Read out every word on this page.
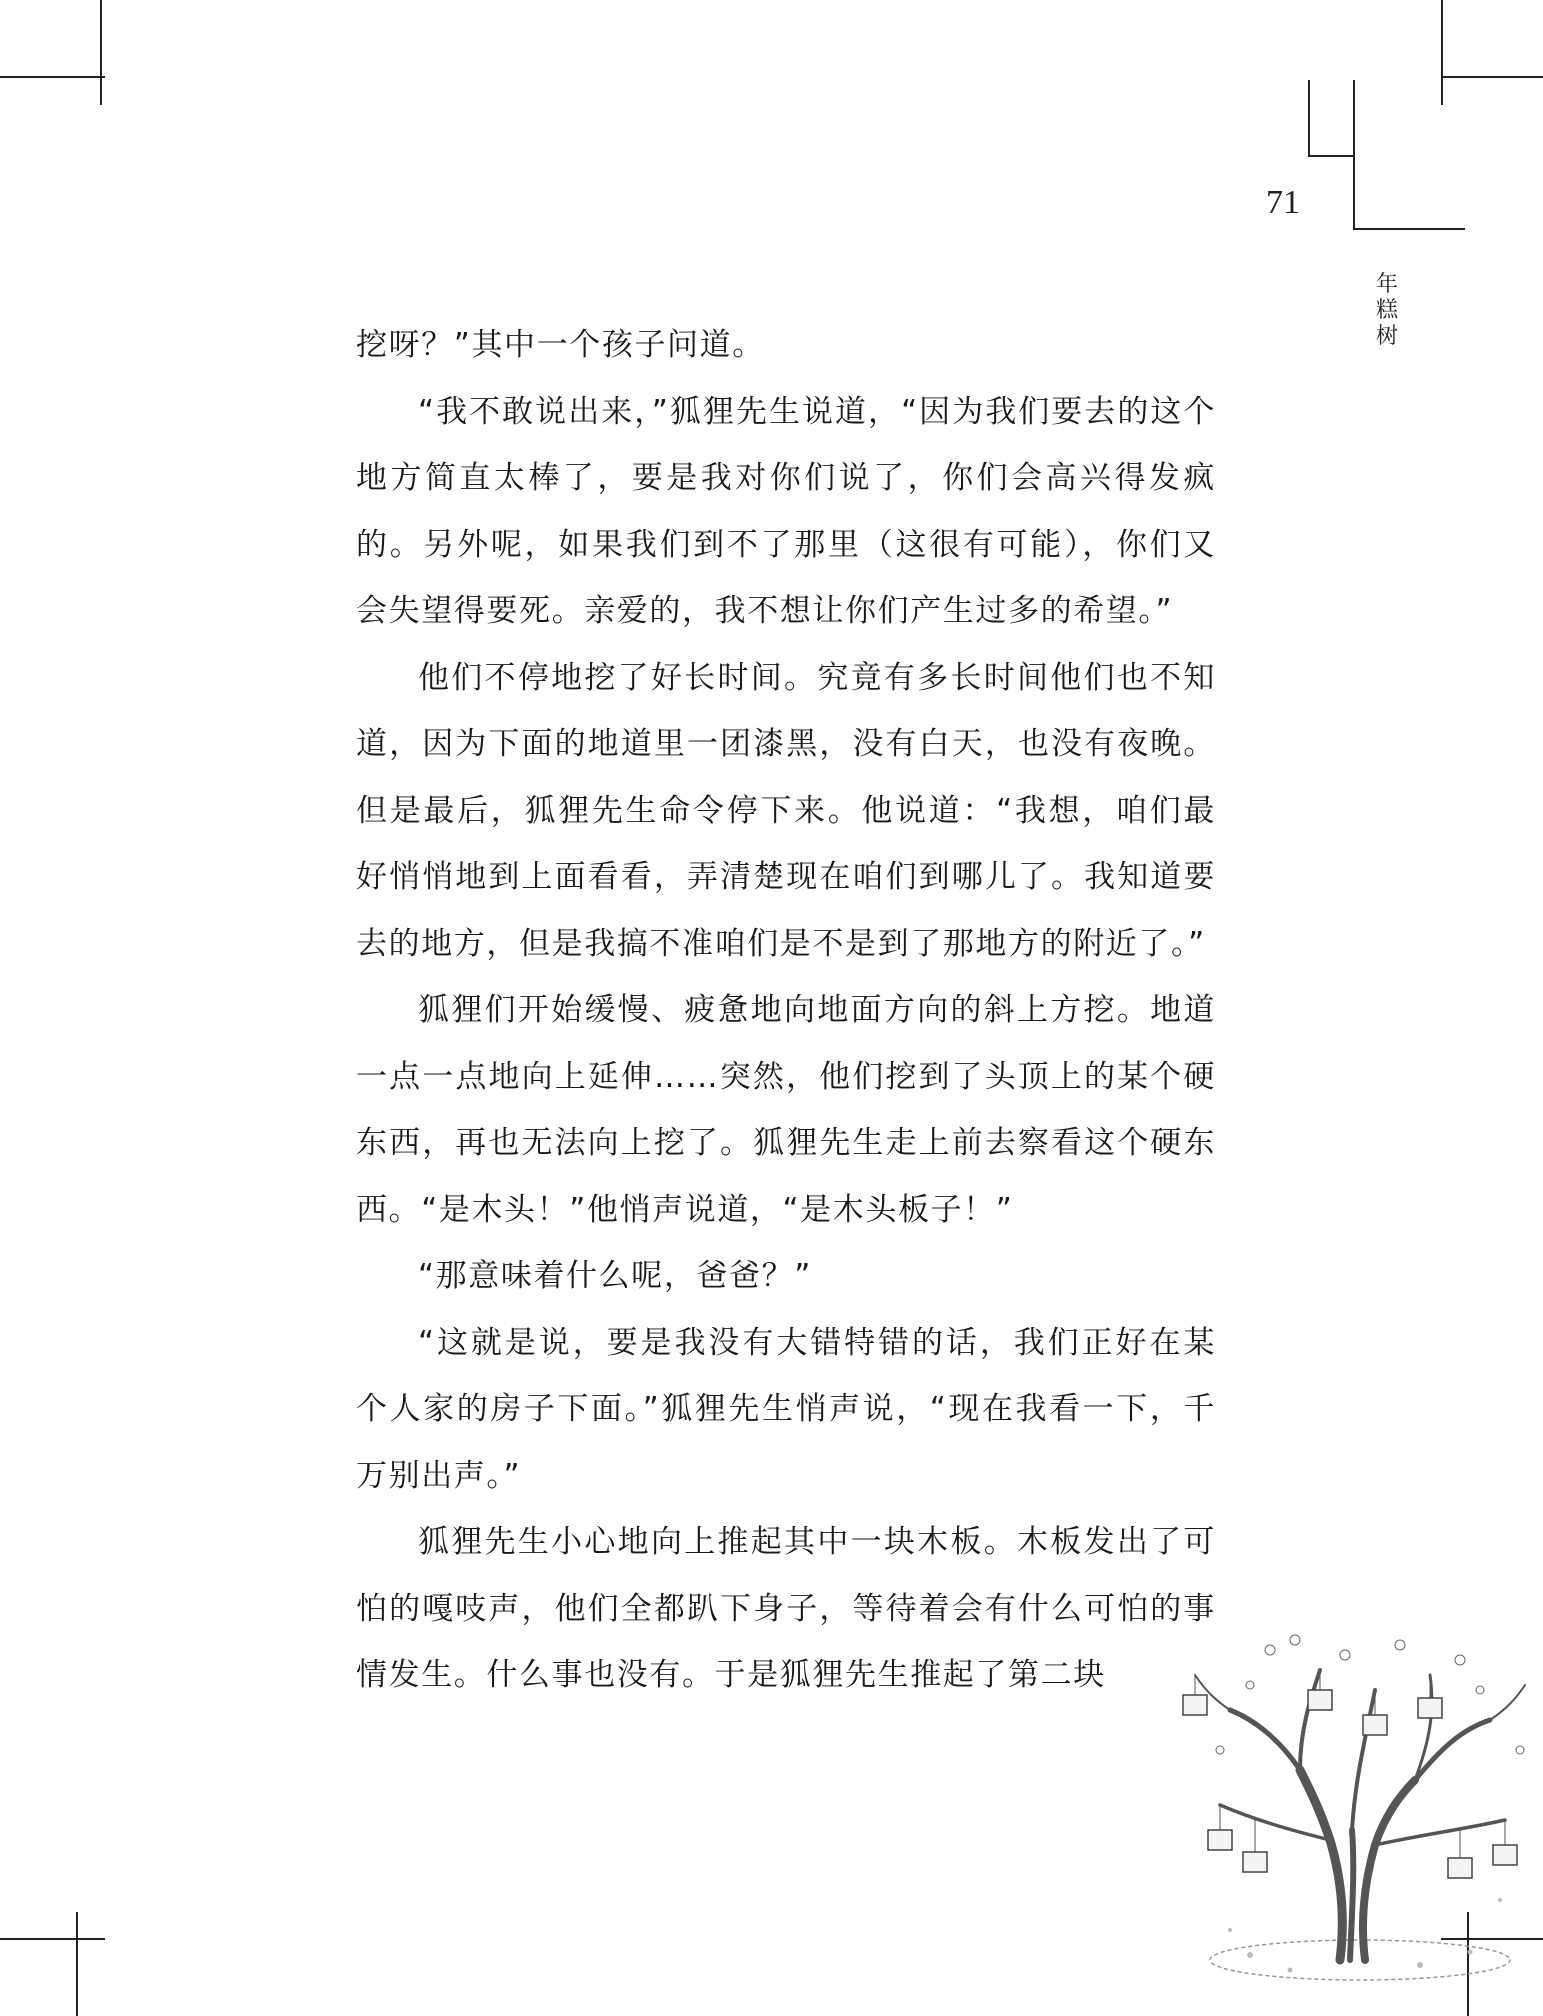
71
年
糕
树

挖呀？”其中一个孩子问道。

“我不敢说出来，”狐狸先生说道，“因为我们要去的这个地方简直太棒了，要是我对你们说了，你们会高兴得发疯的。另外呢，如果我们到不了那里（这很有可能），你们又会失望得要死。亲爱的，我不想让你们产生过多的希望。”

他们不停地挖了好长时间。究竟有多长时间他们也不知道，因为下面的地道里一团漆黑，没有白天，也没有夜晚。但是最后，狐狸先生命令停下来。他说道：“我想，咱们最好悄悄地到上面看看，弄清楚现在咱们到哪儿了。我知道要去的地方，但是我搞不准咱们是不是到了那地方的附近了。”

狐狸们开始缓慢、疲惫地向地面方向的斜上方挖。地道一点一点地向上延伸……突然，他们挖到了头顶上的某个硬东西，再也无法向上挖了。狐狸先生走上前去察看这个硬东西。“是木头！”他悄声说道，“是木头板子！”

“那意味着什么呢，爸爸？”

“这就是说，要是我没有大错特错的话，我们正好在某个人家的房子下面。”狐狸先生悄声说，“现在我看一下，千万别出声。”

狐狸先生小心地向上推起其中一块木板。木板发出了可怕的嘎吱声，他们全都趴下身子，等待着会有什么可怕的事情发生。什么事也没有。于是狐狸先生推起了第二块
